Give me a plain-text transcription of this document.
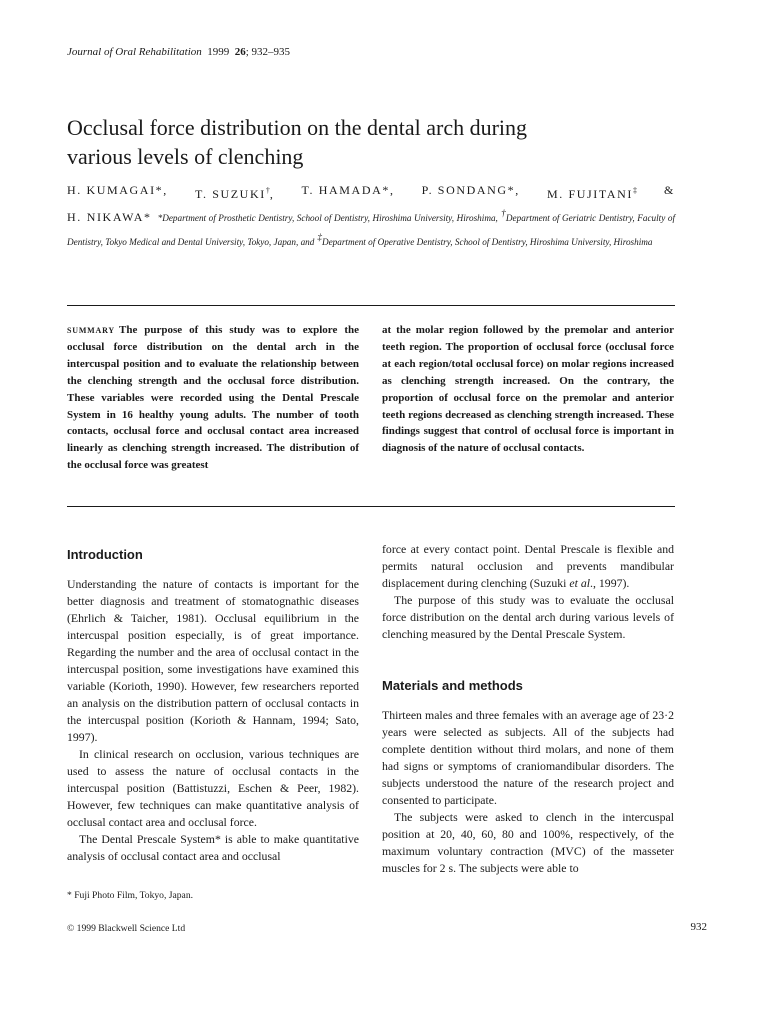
Journal of Oral Rehabilitation 1999 26; 932–935
Occlusal force distribution on the dental arch during
various levels of clenching
H. KUMAGAI*, T. SUZUKI†, T. HAMADA*, P. SONDANG*, M. FUJITANI‡ &
H. NIKAWA* *Department of Prosthetic Dentistry, School of Dentistry, Hiroshima University, Hiroshima, †Department of Geriatric Dentistry, Faculty of Dentistry, Tokyo Medical and Dental University, Tokyo, Japan, and ‡Department of Operative Dentistry, School of Dentistry, Hiroshima University, Hiroshima
summary The purpose of this study was to explore the occlusal force distribution on the dental arch in the intercuspal position and to evaluate the relationship between the clenching strength and the occlusal force distribution. These variables were recorded using the Dental Prescale System in 16 healthy young adults. The number of tooth contacts, occlusal force and occlusal contact area increased linearly as clenching strength increased. The distribution of the occlusal force was greatest
at the molar region followed by the premolar and anterior teeth region. The proportion of occlusal force (occlusal force at each region/total occlusal force) on molar regions increased as clenching strength increased. On the contrary, the proportion of occlusal force on the premolar and anterior teeth regions decreased as clenching strength increased. These findings suggest that control of occlusal force is important in diagnosis of the nature of occlusal contacts.
Introduction

Understanding the nature of contacts is important for the better diagnosis and treatment of stomatognathic diseases (Ehrlich & Taicher, 1981). Occlusal equilibrium in the intercuspal position especially, is of great importance. Regarding the number and the area of occlusal contact in the intercuspal position, some investigations have examined this variable (Korioth, 1990). However, few researchers reported an analysis on the distribution pattern of occlusal contacts in the intercuspal position (Korioth & Hannam, 1994; Sato, 1997).

In clinical research on occlusion, various techniques are used to assess the nature of occlusal contacts in the intercuspal position (Battistuzzi, Eschen & Peer, 1982). However, few techniques can make quantitative analysis of occlusal contact area and occlusal force.

The Dental Prescale System* is able to make quantitative analysis of occlusal contact area and occlusal

force at every contact point. Dental Prescale is flexible and permits natural occlusion and prevents mandibular displacement during clenching (Suzuki et al., 1997).

The purpose of this study was to evaluate the occlusal force distribution on the dental arch during various levels of clenching measured by the Dental Prescale System.

Materials and methods

Thirteen males and three females with an average age of 23·2 years were selected as subjects. All of the subjects had complete dentition without third molars, and none of them had signs or symptoms of craniomandibular disorders. The subjects understood the nature of the research project and consented to participate.

The subjects were asked to clench in the intercuspal position at 20, 40, 60, 80 and 100%, respectively, of the maximum voluntary contraction (MVC) of the masseter muscles for 2 s. The subjects were able to

* Fuji Photo Film, Tokyo, Japan.
© 1999 Blackwell Science Ltd	932
